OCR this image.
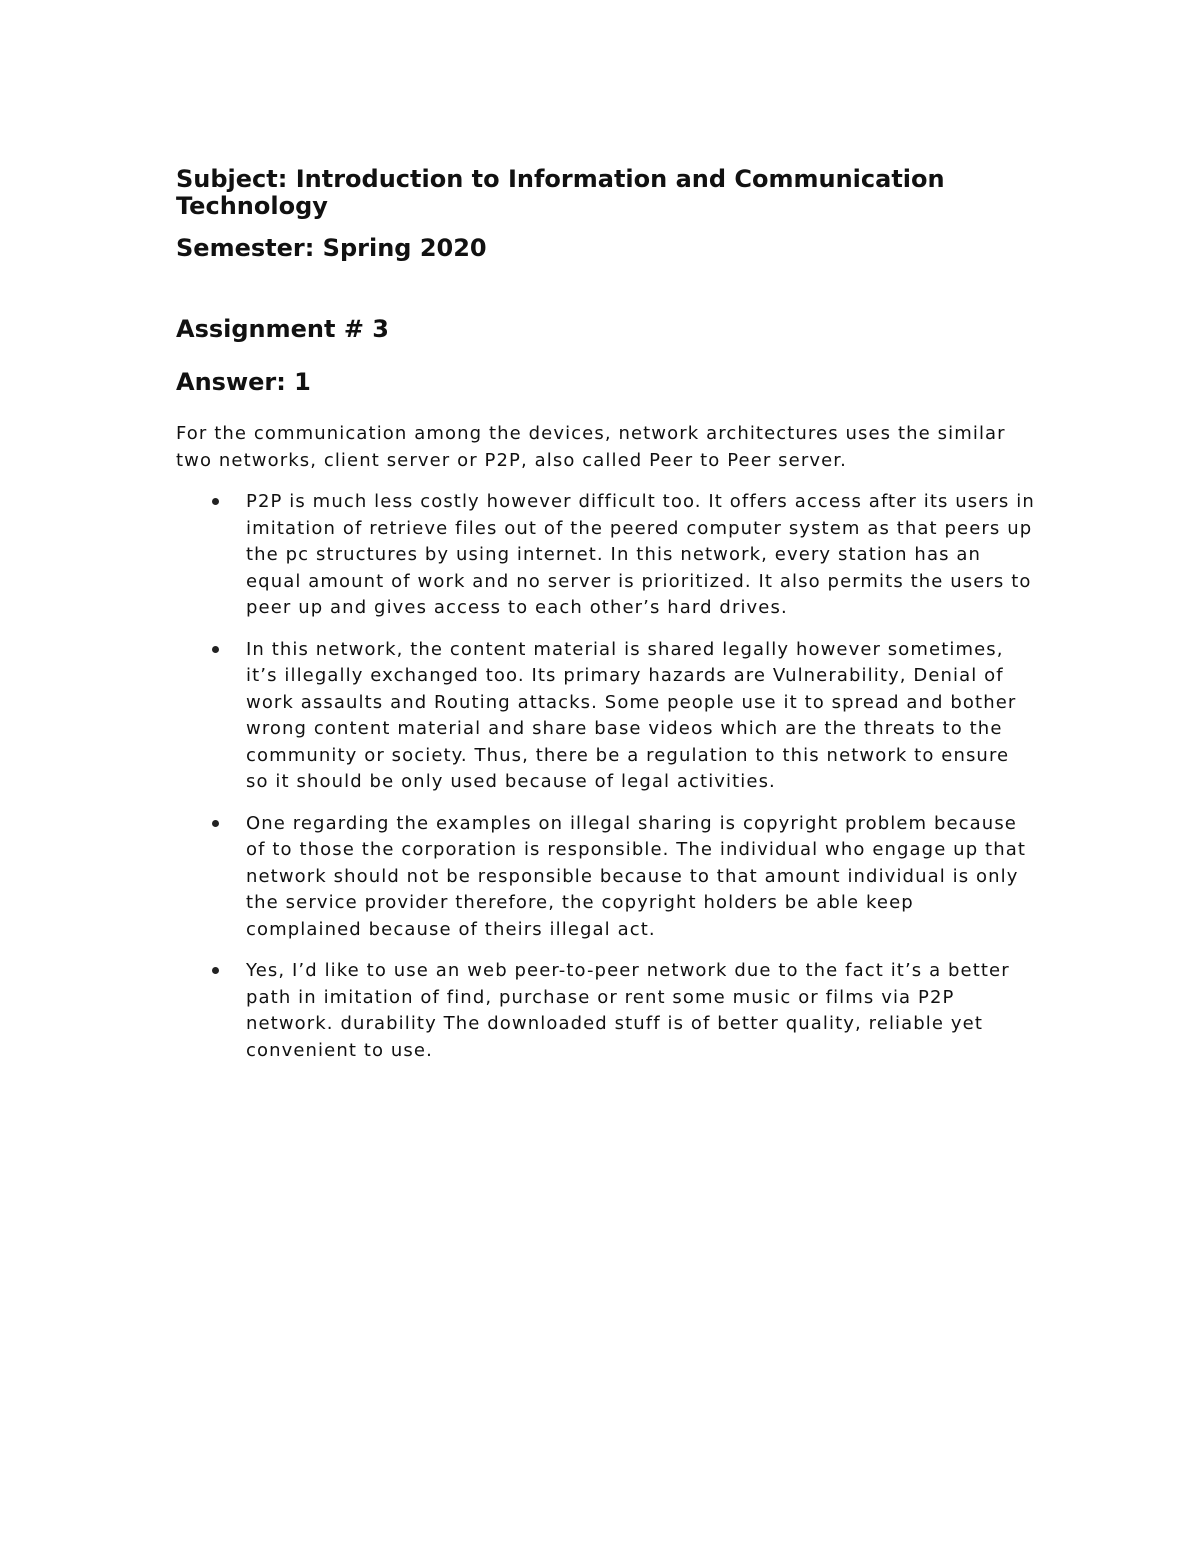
Subject: Introduction to Information and Communication Technology
Semester: Spring 2020
Assignment # 3
Answer: 1

For the communication among the devices, network architectures uses the similar two networks, client server or P2P, also called Peer to Peer server.

P2P is much less costly however difficult too. It offers access after its users in imitation of retrieve files out of the peered computer system as that peers up the pc structures by using internet. In this network, every station has an equal amount of work and no server is prioritized. It also permits the users to peer up and gives access to each other’s hard drives.
In this network, the content material is shared legally however sometimes, it’s illegally exchanged too. Its primary hazards are Vulnerability, Denial of work assaults and Routing attacks. Some people use it to spread and bother wrong content material and share base videos which are the threats to the community or society. Thus, there be a regulation to this network to ensure so it should be only used because of legal activities.
One regarding the examples on illegal sharing is copyright problem because of to those the corporation is responsible. The individual who engage up that network should not be responsible because to that amount individual is only the service provider therefore, the copyright holders be able keep complained because of theirs illegal act.
Yes, I’d like to use an web peer-to-peer network due to the fact it’s a better path in imitation of find, purchase or rent some music or films via P2P network. durability The downloaded stuff is of better quality, reliable yet convenient to use.
